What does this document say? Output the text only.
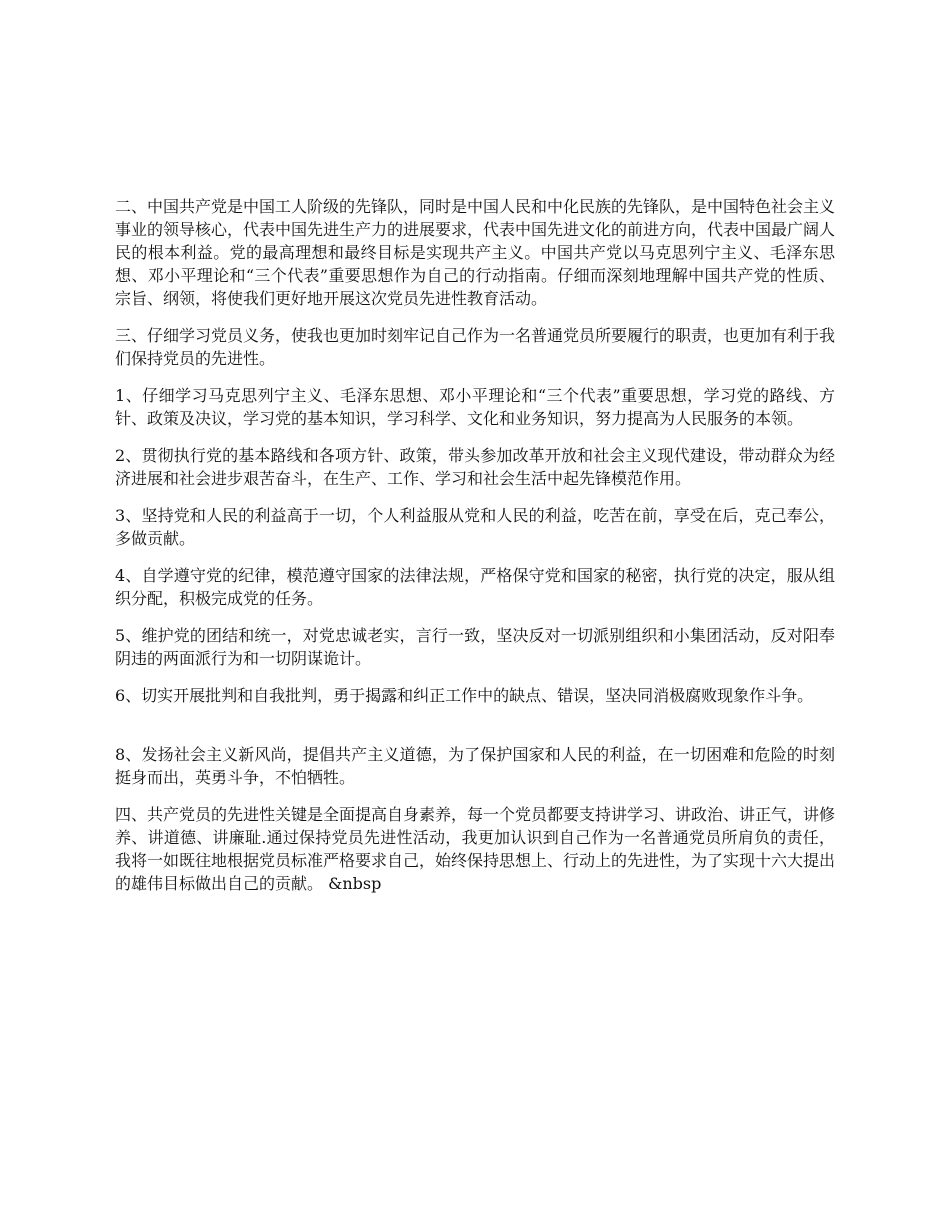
二、中国共产党是中国工人阶级的先锋队，同时是中国人民和中化民族的先锋队，是中国特色社会主义事业的领导核心，代表中国先进生产力的进展要求，代表中国先进文化的前进方向，代表中国最广阔人民的根本利益。党的最高理想和最终目标是实现共产主义。中国共产党以马克思列宁主义、毛泽东思想、邓小平理论和“三个代表”重要思想作为自己的行动指南。仔细而深刻地理解中国共产党的性质、宗旨、纲领，将使我们更好地开展这次党员先进性教育活动。

三、仔细学习党员义务，使我也更加时刻牢记自己作为一名普通党员所要履行的职责，也更加有利于我们保持党员的先进性。

1、仔细学习马克思列宁主义、毛泽东思想、邓小平理论和“三个代表”重要思想，学习党的路线、方针、政策及决议，学习党的基本知识，学习科学、文化和业务知识，努力提高为人民服务的本领。

2、贯彻执行党的基本路线和各项方针、政策，带头参加改革开放和社会主义现代建设，带动群众为经济进展和社会进步艰苦奋斗，在生产、工作、学习和社会生活中起先锋模范作用。

3、坚持党和人民的利益高于一切，个人利益服从党和人民的利益，吃苦在前，享受在后，克己奉公，多做贡献。

4、自学遵守党的纪律，模范遵守国家的法律法规，严格保守党和国家的秘密，执行党的决定，服从组织分配，积极完成党的任务。

5、维护党的团结和统一，对党忠诚老实，言行一致，坚决反对一切派别组织和小集团活动，反对阳奉阴违的两面派行为和一切阴谋诡计。

6、切实开展批判和自我批判，勇于揭露和纠正工作中的缺点、错误，坚决同消极腐败现象作斗争。

8、发扬社会主义新风尚，提倡共产主义道德，为了保护国家和人民的利益，在一切困难和危险的时刻挺身而出，英勇斗争，不怕牺牲。

四、共产党员的先进性关键是全面提高自身素养，每一个党员都要支持讲学习、讲政治、讲正气，讲修养、讲道德、讲廉耻.通过保持党员先进性活动，我更加认识到自己作为一名普通党员所肩负的责任，我将一如既往地根据党员标准严格要求自己，始终保持思想上、行动上的先进性，为了实现十六大提出的雄伟目标做出自己的贡献。 &nbsp
